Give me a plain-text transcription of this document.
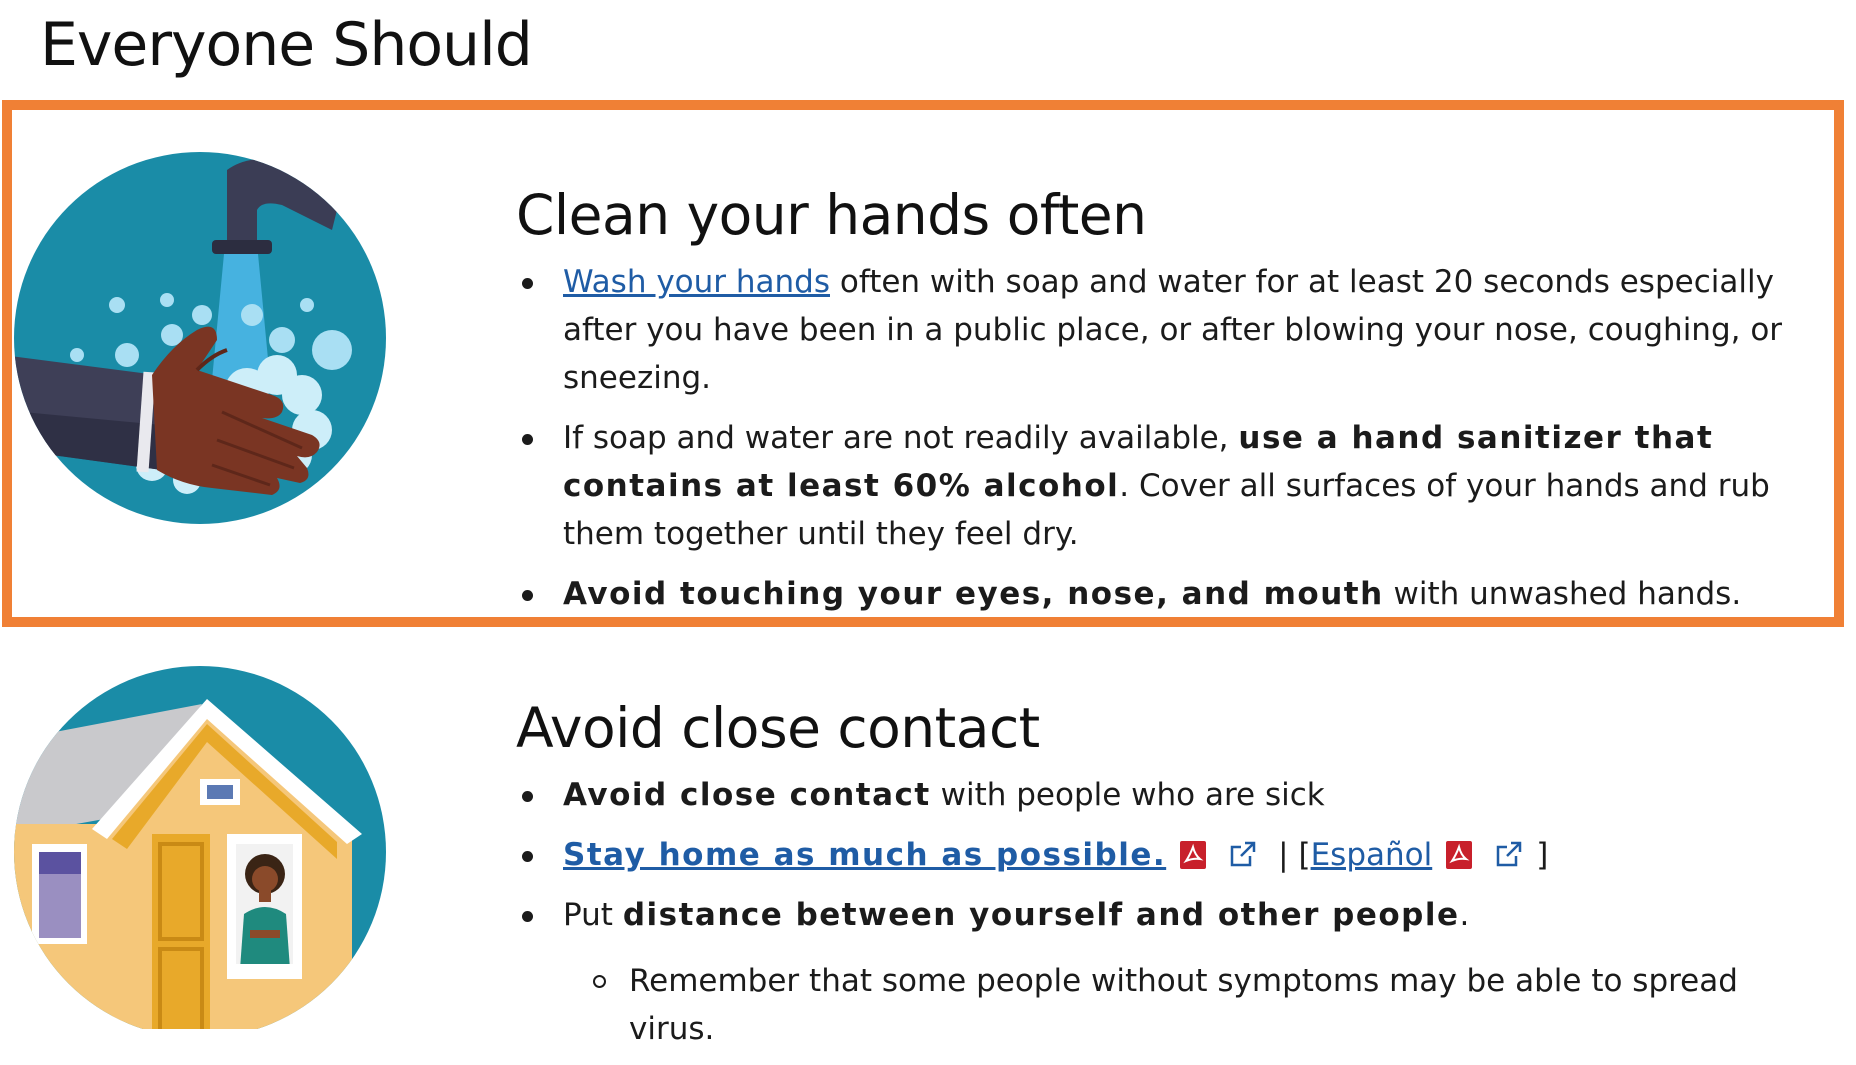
Everyone Should
Clean your hands often
Wash your hands often with soap and water for at least 20 seconds especially after you have been in a public place, or after blowing your nose, coughing, or sneezing.
If soap and water are not readily available, use a hand sanitizer that contains at least 60% alcohol. Cover all surfaces of your hands and rub them together until they feel dry.
Avoid touching your eyes, nose, and mouth with unwashed hands.
Avoid close contact
Avoid close contact with people who are sick
Stay home as much as possible.	| [Español	]
Put distance between yourself and other people.
Remember that some people without symptoms may be able to spread virus.
